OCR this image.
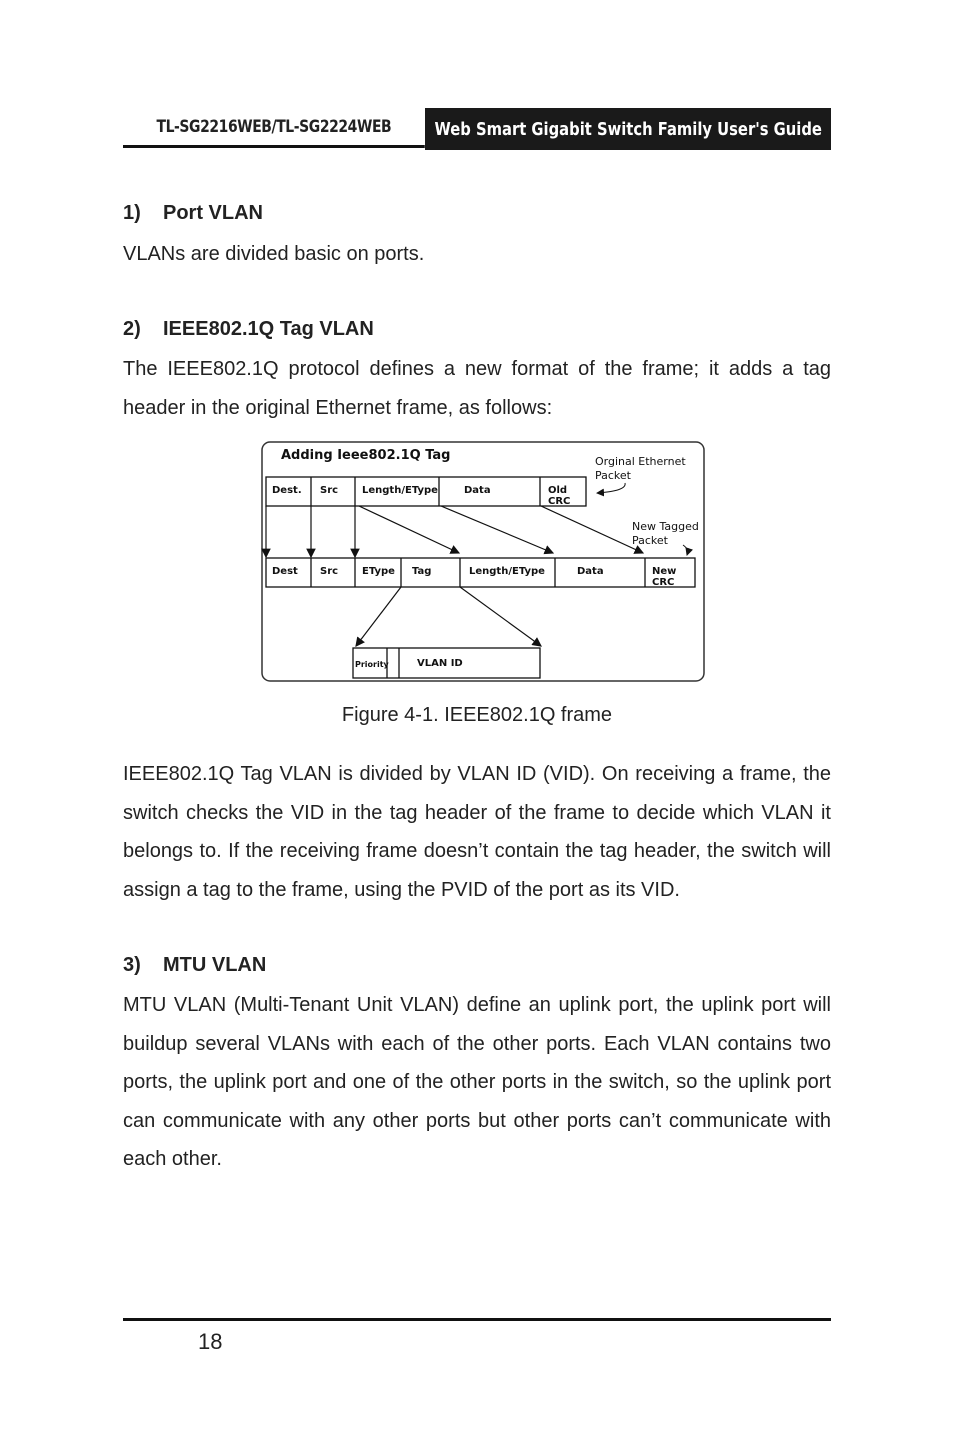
TL-SG2216WEB/TL-SG2224WEB	Web Smart Gigabit Switch Family User's Guide
1) Port VLAN
VLANs are divided basic on ports.
2) IEEE802.1Q Tag VLAN
The IEEE802.1Q protocol defines a new format of the frame; it adds a tag header in the original Ethernet frame, as follows:
Adding Ieee802.1Q Tag	Orginal Ethernet
Packet
Dest. Src Length/EType	Data	Old
CRC
New Tagged
Packet
Dest Src EType Tag	Length/EType	Data	New
CRC
Priority	VLAN ID
Figure 4-1. IEEE802.1Q frame
IEEE802.1Q Tag VLAN is divided by VLAN ID (VID). On receiving a frame, the switch checks the VID in the tag header of the frame to decide which VLAN it belongs to. If the receiving frame doesn’t contain the tag header, the switch will assign a tag to the frame, using the PVID of the port as its VID.
3) MTU VLAN
MTU VLAN (Multi-Tenant Unit VLAN) define an uplink port, the uplink port will buildup several VLANs with each of the other ports. Each VLAN contains two ports, the uplink port and one of the other ports in the switch, so the uplink port can communicate with any other ports but other ports can’t communicate with each other.
18
